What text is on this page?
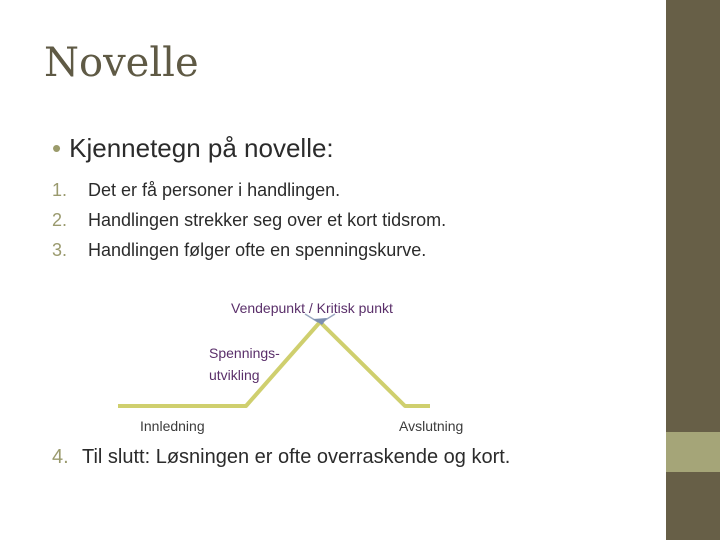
Novelle
• Kjennetegn på novelle:
1.	Det er få personer i handlingen.
2.	Handlingen strekker seg over et kort tidsrom.
3.	Handlingen følger ofte en spenningskurve.
Vendepunkt / Kritisk punkt
Spennings-
utvikling
Innledning	Avslutning
4. Til slutt: Løsningen er ofte overraskende og kort.
